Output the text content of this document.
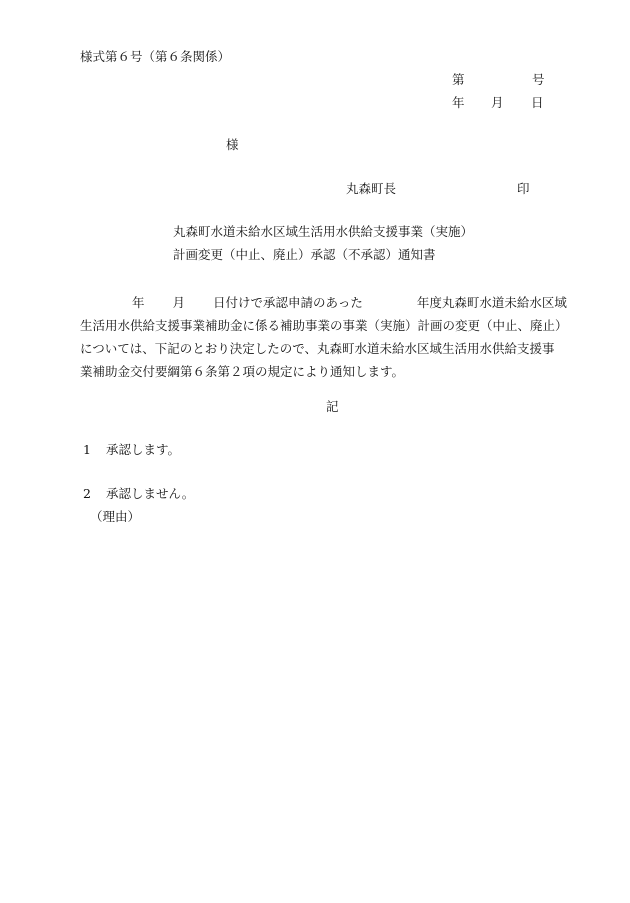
様式第６号（第６条関係）
第	号
年 月 日
様
丸森町長	印
丸森町水道未給水区域生活用水供給支援事業（実施）
計画変更（中止、廃止）承認（不承認）通知書
年 月 日付けで承認申請のあった	年度丸森町水道未給水区域
生活用水供給支援事業補助金に係る補助事業の事業（実施）計画の変更（中止、廃止）
については、下記のとおり決定したので、丸森町水道未給水区域生活用水供給支援事
業補助金交付要綱第６条第２項の規定により通知します。
記
1 承認します。
2 承認しません。
（理由）
